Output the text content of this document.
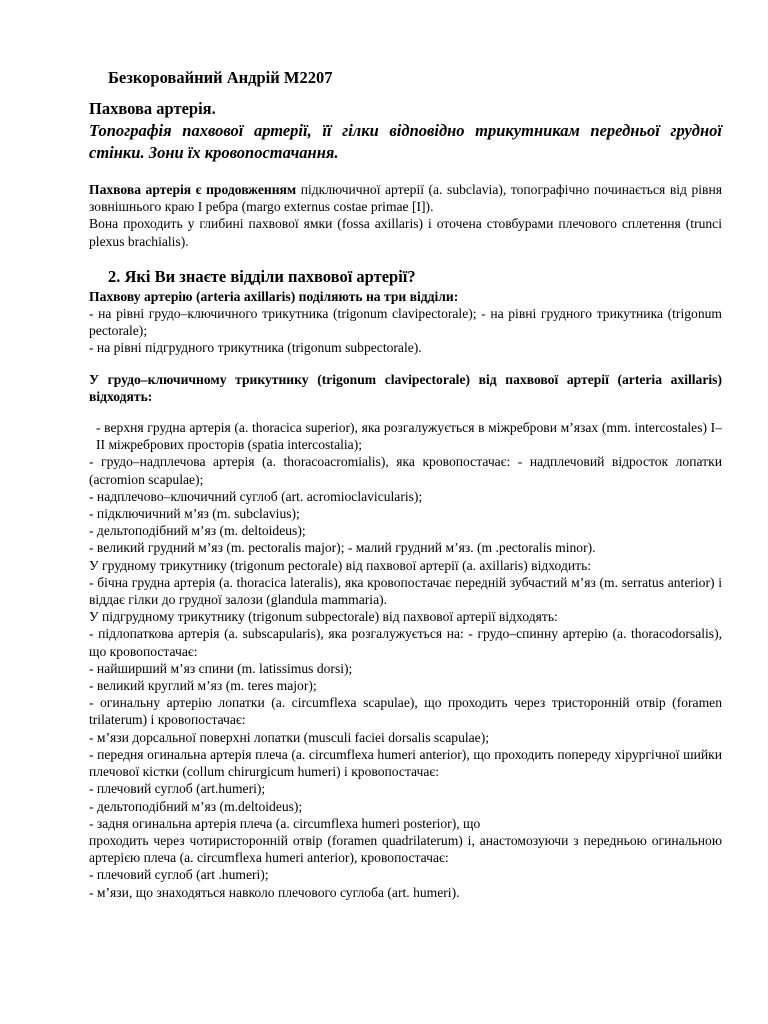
Безкоровайний Андрій М2207

Пахвова артерія.

Топографія пахвової артерії, її гілки відповідно трикутникам передньої грудної стінки. Зони їх кровопостачання.

Пахвова артерія є продовженням підключичної артерії (a. subclavia), топографічно починається від рівня зовнішнього краю I ребра (margo externus costae primae [I]).

Вона проходить у глибині пахвової ямки (fossa axillaris) і оточена стовбурами плечового сплетення (trunci plexus brachialis).

2. Які Ви знаєте відділи пахвової артерії?

Пахвову артерію (arteria axillaris) поділяють на три відділи:

- на рівні грудо–ключичного трикутника (trigonum clavipectorale); - на рівні грудного трикутника (trigonum pectorale);

- на рівні підгрудного трикутника (trigonum subpectorale).

У грудо–ключичному трикутнику (trigonum clavipectorale) від пахвової артерії (arteria axillaris) відходять:

- верхня грудна артерія (a. thoracica superior), яка розгалужується в міжреброви м’язах (mm. intercostales) I–II міжребрових просторів (spatia intercostalia);

- грудо–надплечова артерія (a. thoracoacromialis), яка кровопостачає: - надплечовий відросток лопатки (acromion scapulae);

- надплечово–ключичний суглоб (art. acromioclavicularis);

- підключичний м’яз (m. subclavius);

- дельтоподібний м’яз (m. deltoideus);

- великий грудний м’яз (m. pectoralis major); - малий грудний м’яз. (m .pectoralis minor).

У грудному трикутнику (trigonum pectorale) від пахвової артерії (a. axillaris) відходить:

- бічна грудна артерія (a. thoracica lateralis), яка кровопостачає передній зубчастий м’яз (m. serratus anterior) і віддає гілки до грудної залози (glandula mammaria).

У підгрудному трикутнику (trigonum subpectorale) від пахвової артерії відходять:

- підлопаткова артерія (a. subscapularis), яка розгалужується на: - грудо–спинну артерію (a. thoracodorsalis), що кровопостачає:

- найширший м’яз спини (m. latissimus dorsi);

- великий круглий м’яз (m. teres major);

- огинальну артерію лопатки (a. circumflexa scapulae), що проходить через тристоронній отвір (foramen trilaterum) і кровопостачає:

- м’язи дорсальної поверхні лопатки (musculi faciei dorsalis scapulae);

- передня огинальна артерія плеча (a. circumflexa humeri anterior), що проходить попереду хірургічної шийки плечової кістки (collum chirurgicum humeri) і кровопостачає:

- плечовий суглоб (art.humeri);

- дельтоподібний м’яз (m.deltoideus);

- задня огинальна артерія плеча (a. circumflexa humeri posterior), що

проходить через чотиристоронній отвір (foramen quadrilaterum) і, анастомозуючи з передньою огинальною артерією плеча (a. circumflexa humeri anterior), кровопостачає:

- плечовий суглоб (art .humeri);

- м’язи, що знаходяться навколо плечового суглоба (art. humeri).
